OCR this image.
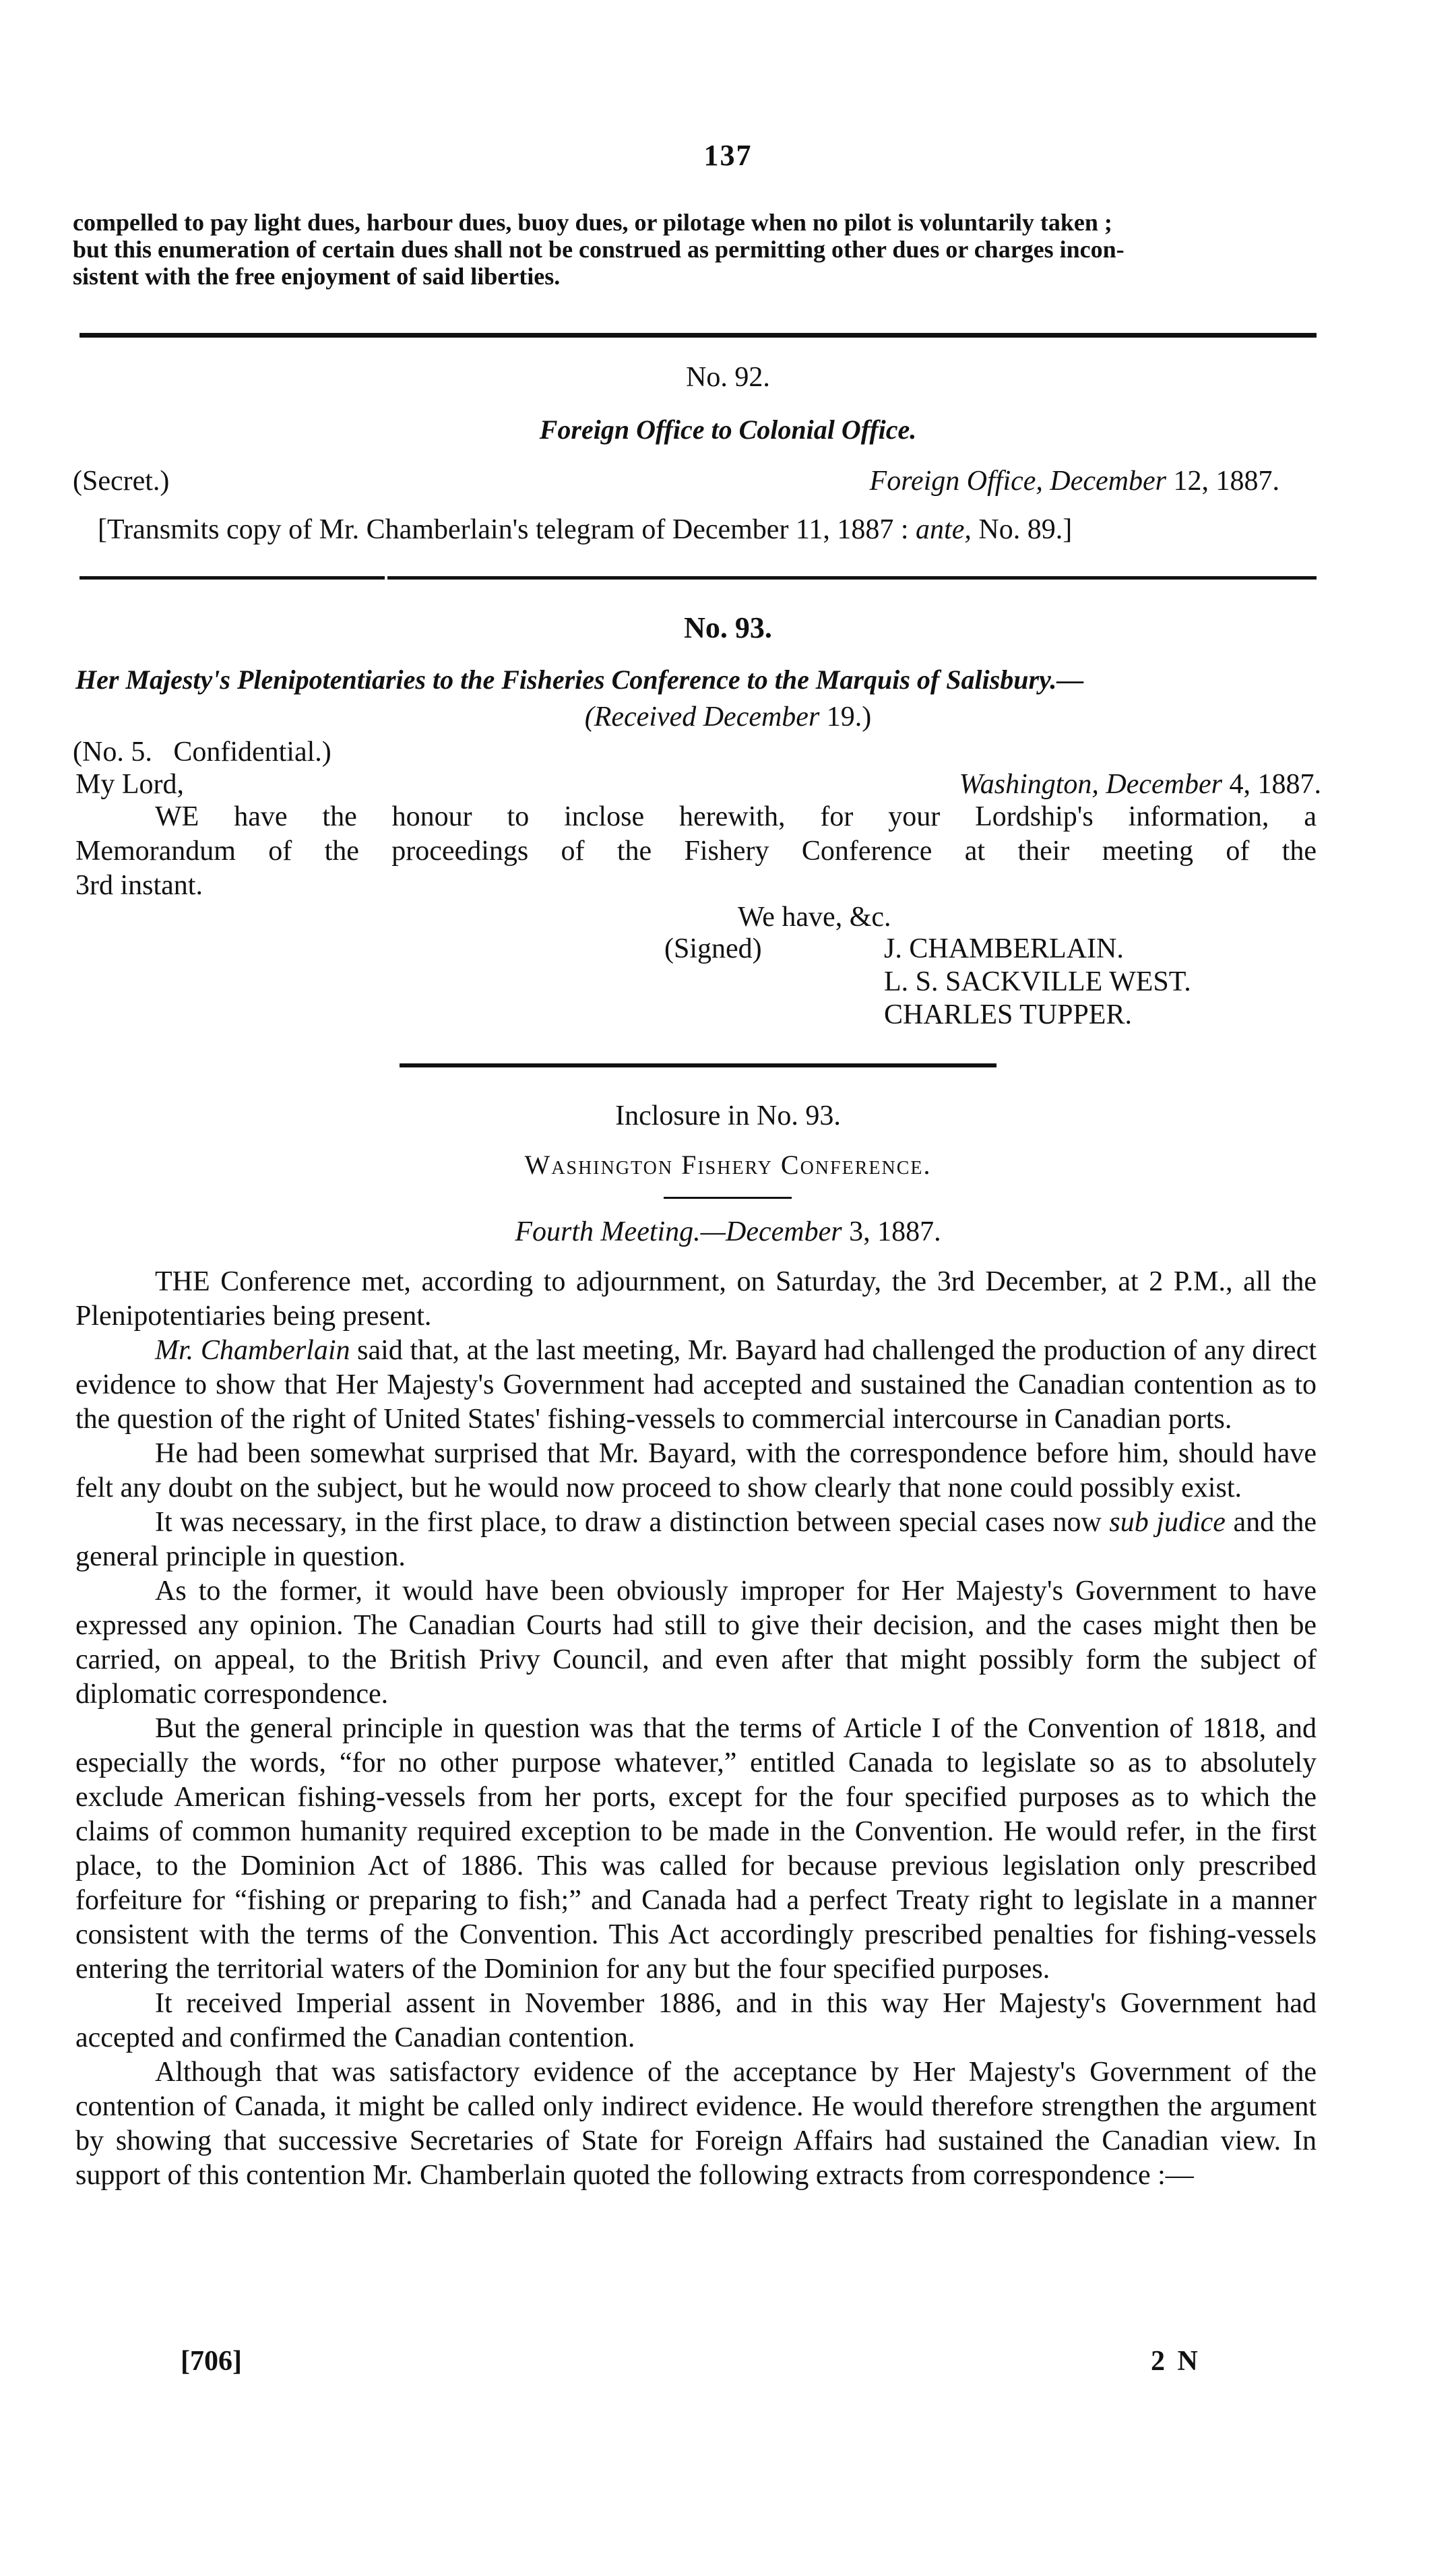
137
compelled to pay light dues, harbour dues, buoy dues, or pilotage when no pilot is voluntarily taken ;
but this enumeration of certain dues shall not be construed as permitting other dues or charges incon-
sistent with the free enjoyment of said liberties.
No. 92.
Foreign Office to Colonial Office.
(Secret.)	Foreign Office, December 12, 1887.
[Transmits copy of Mr. Chamberlain's telegram of December 11, 1887 : ante, No. 89.]
No. 93.
Her Majesty's Plenipotentiaries to the Fisheries Conference to the Marquis of Salisbury.—
(Received December 19.)
(No. 5.   Confidential.)
My Lord,	Washington, December 4, 1887.
WE have the honour to inclose herewith, for your Lordship's information, a
Memorandum of the proceedings of the Fishery Conference at their meeting of the
3rd instant.
We have, &c.
(Signed)	J. CHAMBERLAIN.
L. S. SACKVILLE WEST.
CHARLES TUPPER.
Inclosure in No. 93.
Washington Fishery Conference.
Fourth Meeting.—December 3, 1887.

THE Conference met, according to adjournment, on Saturday, the 3rd December, at 2 P.M., all the Plenipotentiaries being present.

Mr. Chamberlain said that, at the last meeting, Mr. Bayard had challenged the production of any direct evidence to show that Her Majesty's Government had accepted and sustained the Canadian contention as to the question of the right of United States' fishing-vessels to commercial intercourse in Canadian ports.

He had been somewhat surprised that Mr. Bayard, with the correspondence before him, should have felt any doubt on the subject, but he would now proceed to show clearly that none could possibly exist.

It was necessary, in the first place, to draw a distinction between special cases now sub judice and the general principle in question.

As to the former, it would have been obviously improper for Her Majesty's Government to have expressed any opinion. The Canadian Courts had still to give their decision, and the cases might then be carried, on appeal, to the British Privy Council, and even after that might possibly form the subject of diplomatic correspondence.

But the general principle in question was that the terms of Article I of the Convention of 1818, and especially the words, “for no other purpose whatever,” entitled Canada to legislate so as to absolutely exclude American fishing-vessels from her ports, except for the four specified purposes as to which the claims of common humanity required exception to be made in the Convention. He would refer, in the first place, to the Dominion Act of 1886. This was called for because previous legislation only prescribed forfeiture for “fishing or preparing to fish;” and Canada had a perfect Treaty right to legislate in a manner consistent with the terms of the Convention. This Act accordingly prescribed penalties for fishing-vessels entering the territorial waters of the Dominion for any but the four specified purposes.

It received Imperial assent in November 1886, and in this way Her Majesty's Government had accepted and confirmed the Canadian contention.

Although that was satisfactory evidence of the acceptance by Her Majesty's Government of the contention of Canada, it might be called only indirect evidence. He would therefore strengthen the argument by showing that successive Secretaries of State for Foreign Affairs had sustained the Canadian view. In support of this contention Mr. Chamberlain quoted the following extracts from correspondence :—

[706]	2 N
